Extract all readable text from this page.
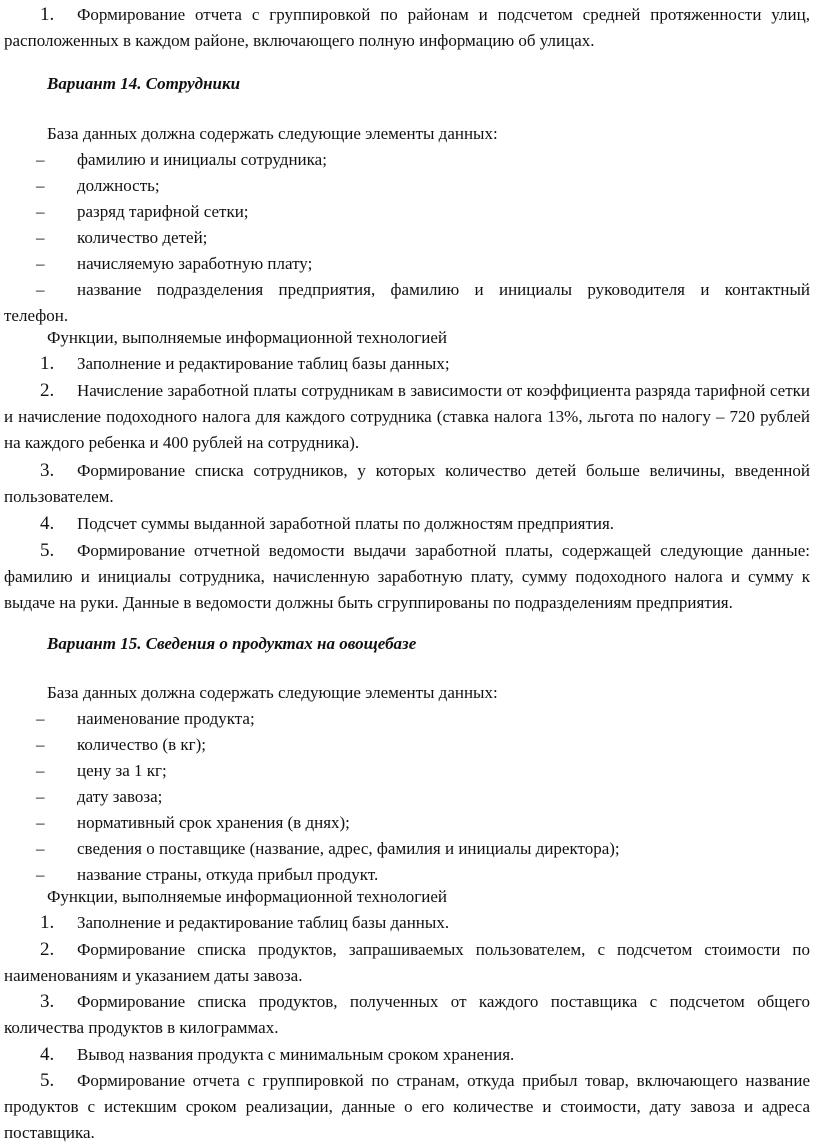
1. Формирование отчета с группировкой по районам и подсчетом средней протяженности улиц, расположенных в каждом районе, включающего полную информацию об улицах.
Вариант 14. Сотрудники
База данных должна содержать следующие элементы данных:
– фамилию и инициалы сотрудника;
– должность;
– разряд тарифной сетки;
– количество детей;
– начисляемую заработную плату;
– название подразделения предприятия, фамилию и инициалы руководителя и контактный
телефон.
Функции, выполняемые информационной технологией
1. Заполнение и редактирование таблиц базы данных;
2. Начисление заработной платы сотрудникам в зависимости от коэффициента разряда тарифной сетки и начисление подоходного налога для каждого сотрудника (ставка налога 13%, льгота по налогу – 720 рублей на каждого ребенка и 400 рублей на сотрудника).
3. Формирование списка сотрудников, у которых количество детей больше величины, введенной пользователем.
4. Подсчет суммы выданной заработной платы по должностям предприятия.
5. Формирование отчетной ведомости выдачи заработной платы, содержащей следующие данные: фамилию и инициалы сотрудника, начисленную заработную плату, сумму подоходного налога и сумму к выдаче на руки. Данные в ведомости должны быть сгруппированы по подразделениям предприятия.
Вариант 15. Сведения о продуктах на овощебазе
База данных должна содержать следующие элементы данных:
– наименование продукта;
– количество (в кг);
– цену за 1 кг;
– дату завоза;
– нормативный срок хранения (в днях);
– сведения о поставщике (название, адрес, фамилия и инициалы директора);
– название страны, откуда прибыл продукт.
Функции, выполняемые информационной технологией
1. Заполнение и редактирование таблиц базы данных.
2. Формирование списка продуктов, запрашиваемых пользователем, с подсчетом стоимости по наименованиям и указанием даты завоза.
3. Формирование списка продуктов, полученных от каждого поставщика с подсчетом общего количества продуктов в килограммах.
4. Вывод названия продукта с минимальным сроком хранения.
5. Формирование отчета с группировкой по странам, откуда прибыл товар, включающего название продуктов с истекшим сроком реализации, данные о его количестве и стоимости, дату завоза и адреса поставщика.
